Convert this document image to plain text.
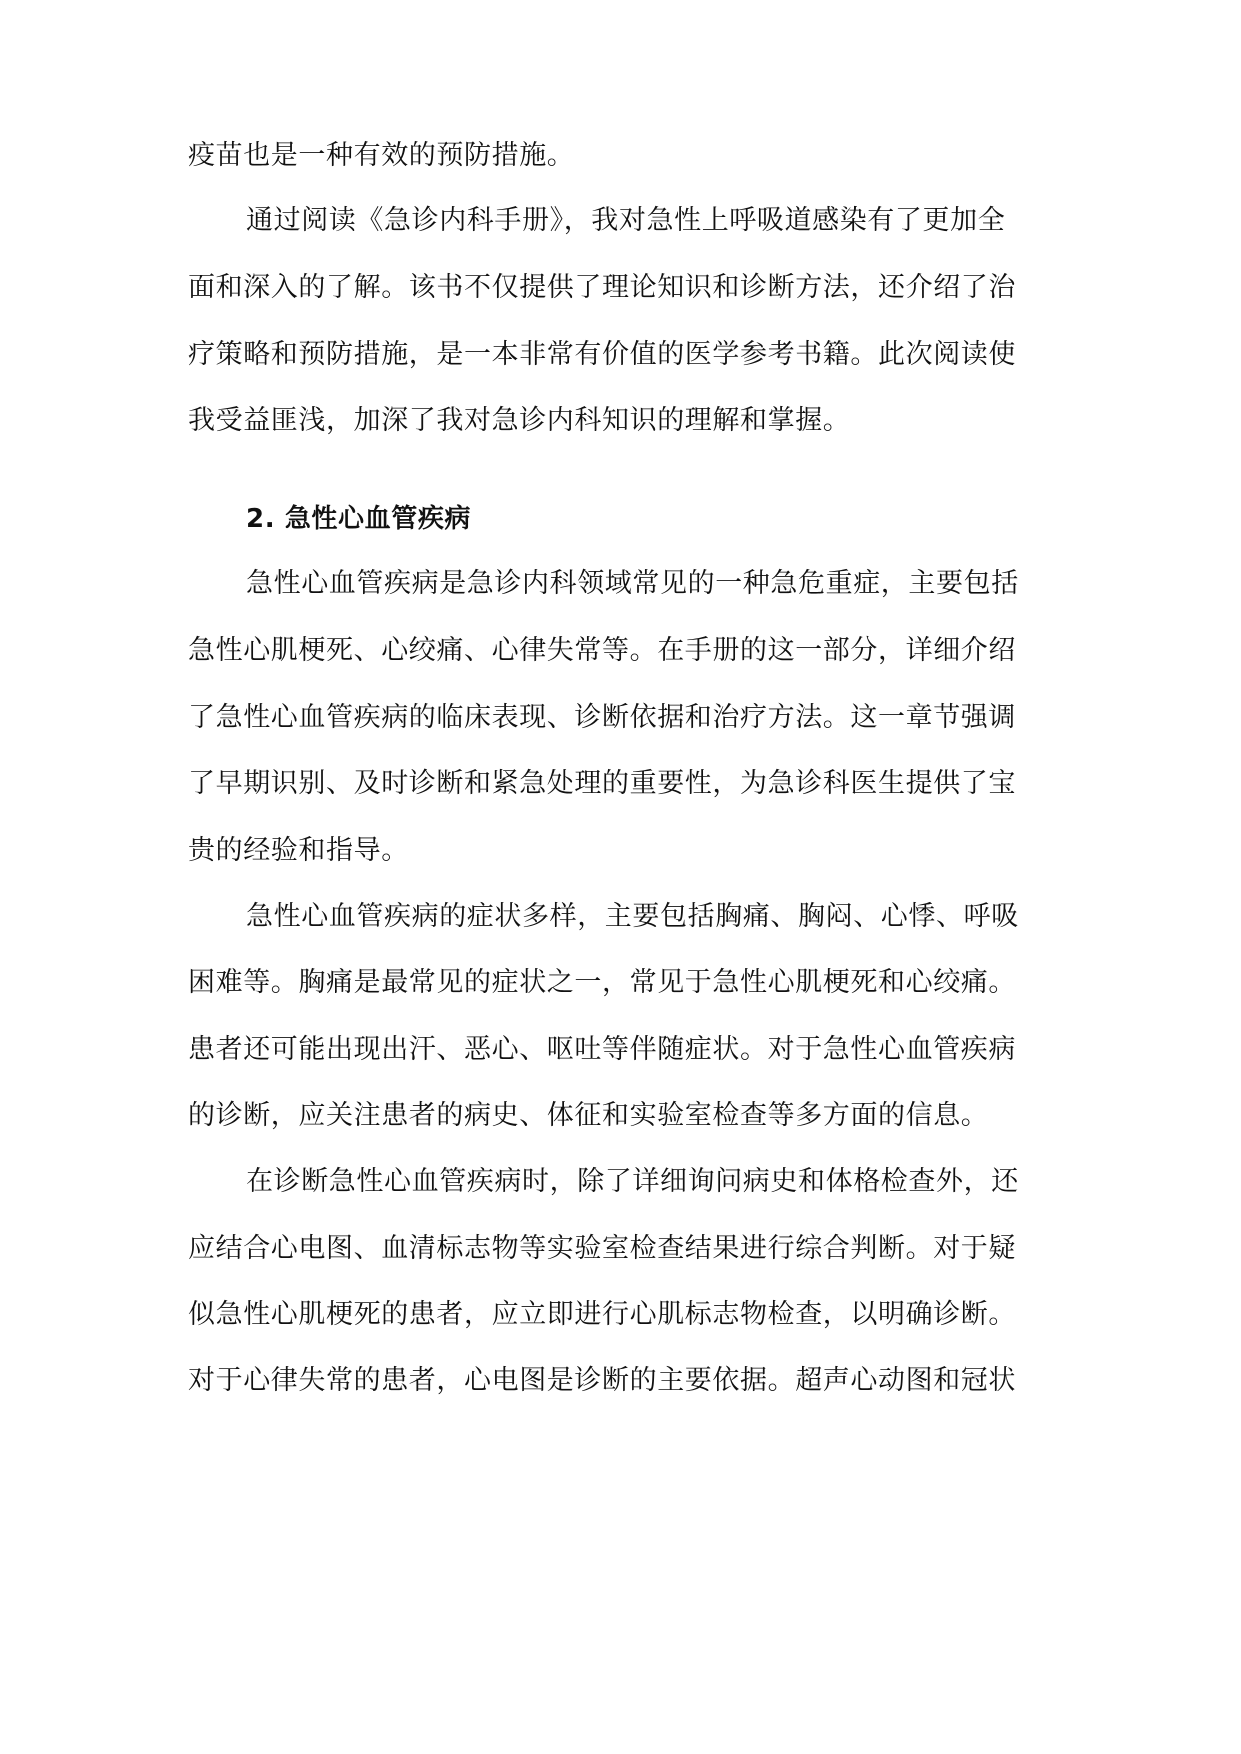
疫苗也是一种有效的预防措施。
通过阅读《急诊内科手册》，我对急性上呼吸道感染有了更加全
面和深入的了解。该书不仅提供了理论知识和诊断方法，还介绍了治
疗策略和预防措施，是一本非常有价值的医学参考书籍。此次阅读使
我受益匪浅，加深了我对急诊内科知识的理解和掌握。
2. 急性心血管疾病
急性心血管疾病是急诊内科领域常见的一种急危重症，主要包括
急性心肌梗死、心绞痛、心律失常等。在手册的这一部分，详细介绍
了急性心血管疾病的临床表现、诊断依据和治疗方法。这一章节强调
了早期识别、及时诊断和紧急处理的重要性，为急诊科医生提供了宝
贵的经验和指导。
急性心血管疾病的症状多样，主要包括胸痛、胸闷、心悸、呼吸
困难等。胸痛是最常见的症状之一，常见于急性心肌梗死和心绞痛。
患者还可能出现出汗、恶心、呕吐等伴随症状。对于急性心血管疾病
的诊断，应关注患者的病史、体征和实验室检查等多方面的信息。
在诊断急性心血管疾病时，除了详细询问病史和体格检查外，还
应结合心电图、血清标志物等实验室检查结果进行综合判断。对于疑
似急性心肌梗死的患者，应立即进行心肌标志物检查，以明确诊断。
对于心律失常的患者，心电图是诊断的主要依据。超声心动图和冠状
